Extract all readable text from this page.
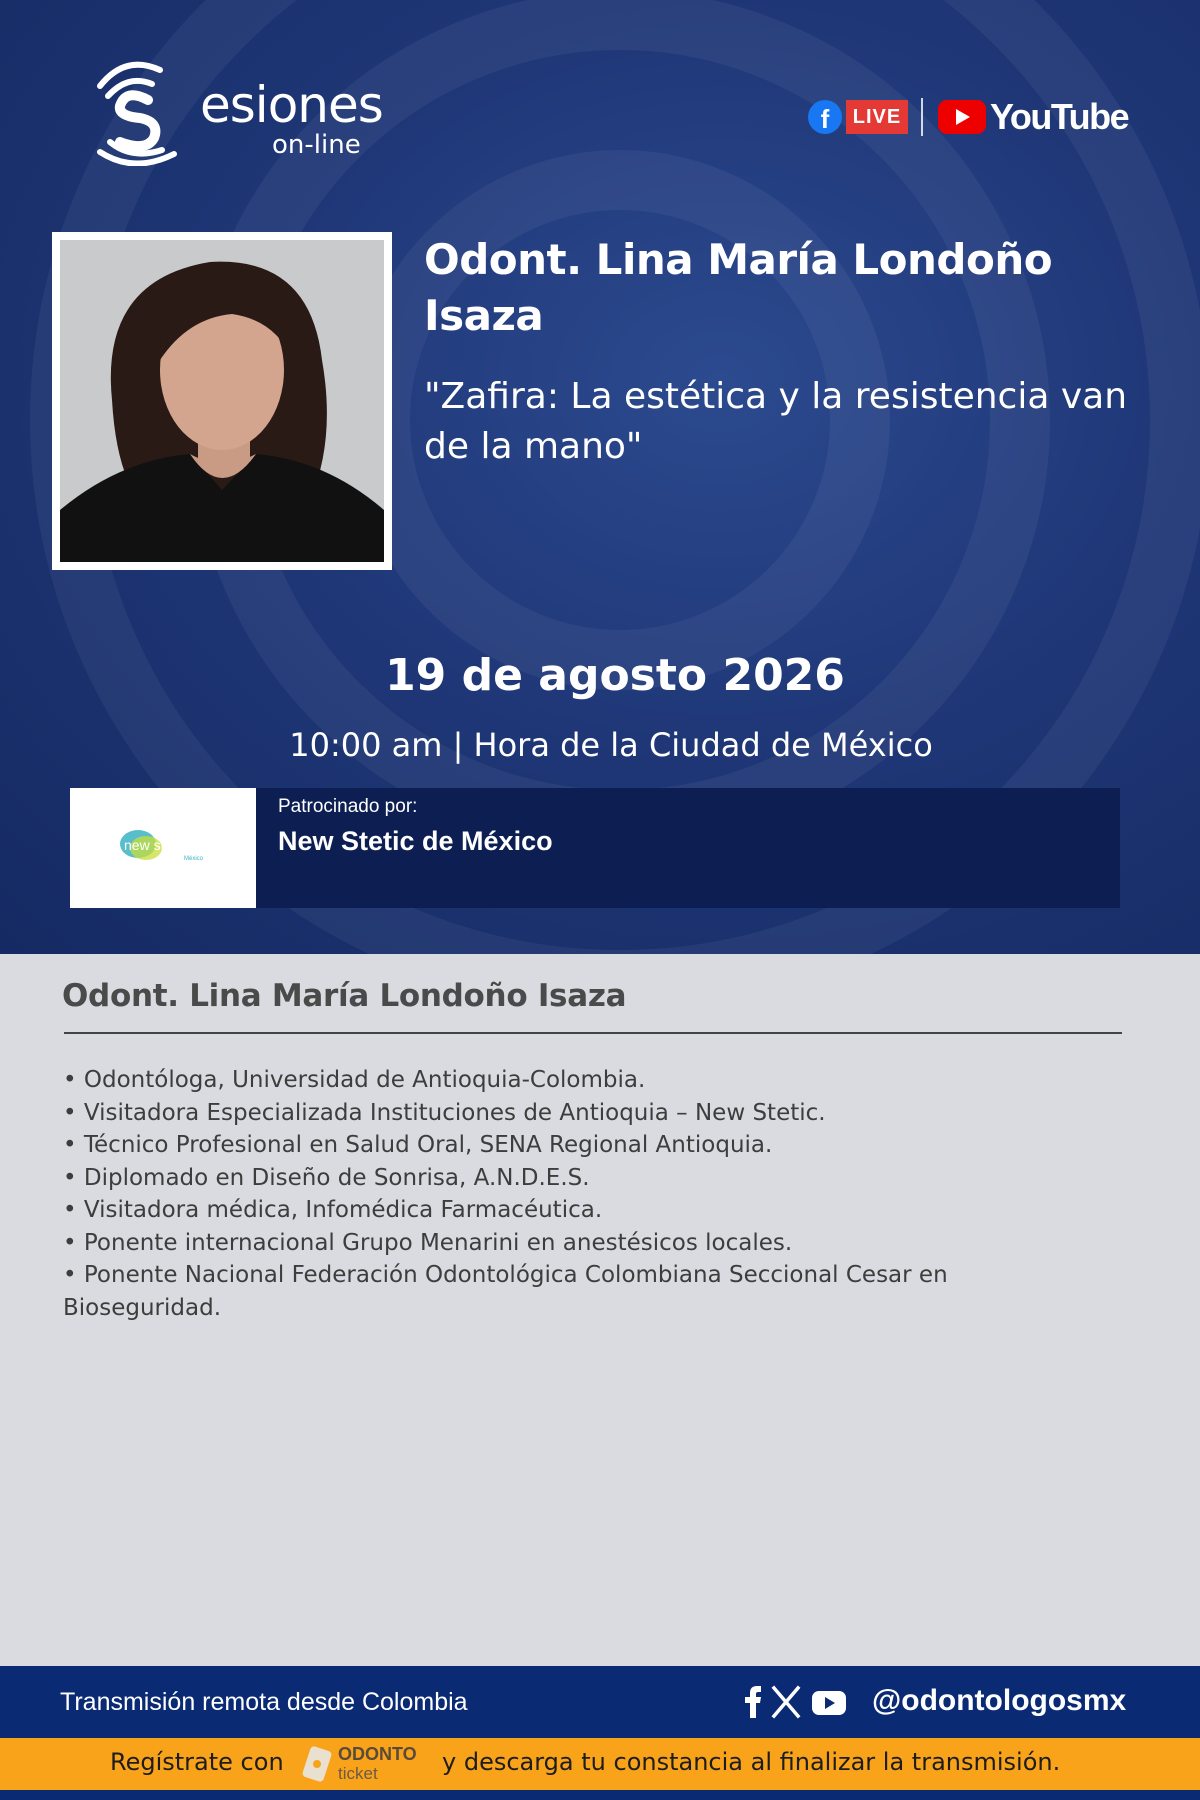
esiones
on-line
f	LIVE YouTube
Odont. Lina María Londoño Isaza
"Zafira: La estética y la resistencia van de la mano"
19 de agosto 2026
10:00 am | Hora de la Ciudad de México
new stetic
México
Patrocinado por:
New Stetic de México
Odont. Lina María Londoño Isaza
• Odontóloga, Universidad de Antioquia-Colombia.
• Visitadora Especializada Instituciones de Antioquia – New Stetic.
• Técnico Profesional en Salud Oral, SENA Regional Antioquia.
• Diplomado en Diseño de Sonrisa, A.N.D.E.S.
• Visitadora médica, Infomédica Farmacéutica.
• Ponente internacional Grupo Menarini en anestésicos locales.
• Ponente Nacional Federación Odontológica Colombiana Seccional Cesar en Bioseguridad.
Transmisión remota desde Colombia	@odontologosmx
Regístrate con	ODONTO
ticket	y descarga tu constancia al finalizar la transmisión.
